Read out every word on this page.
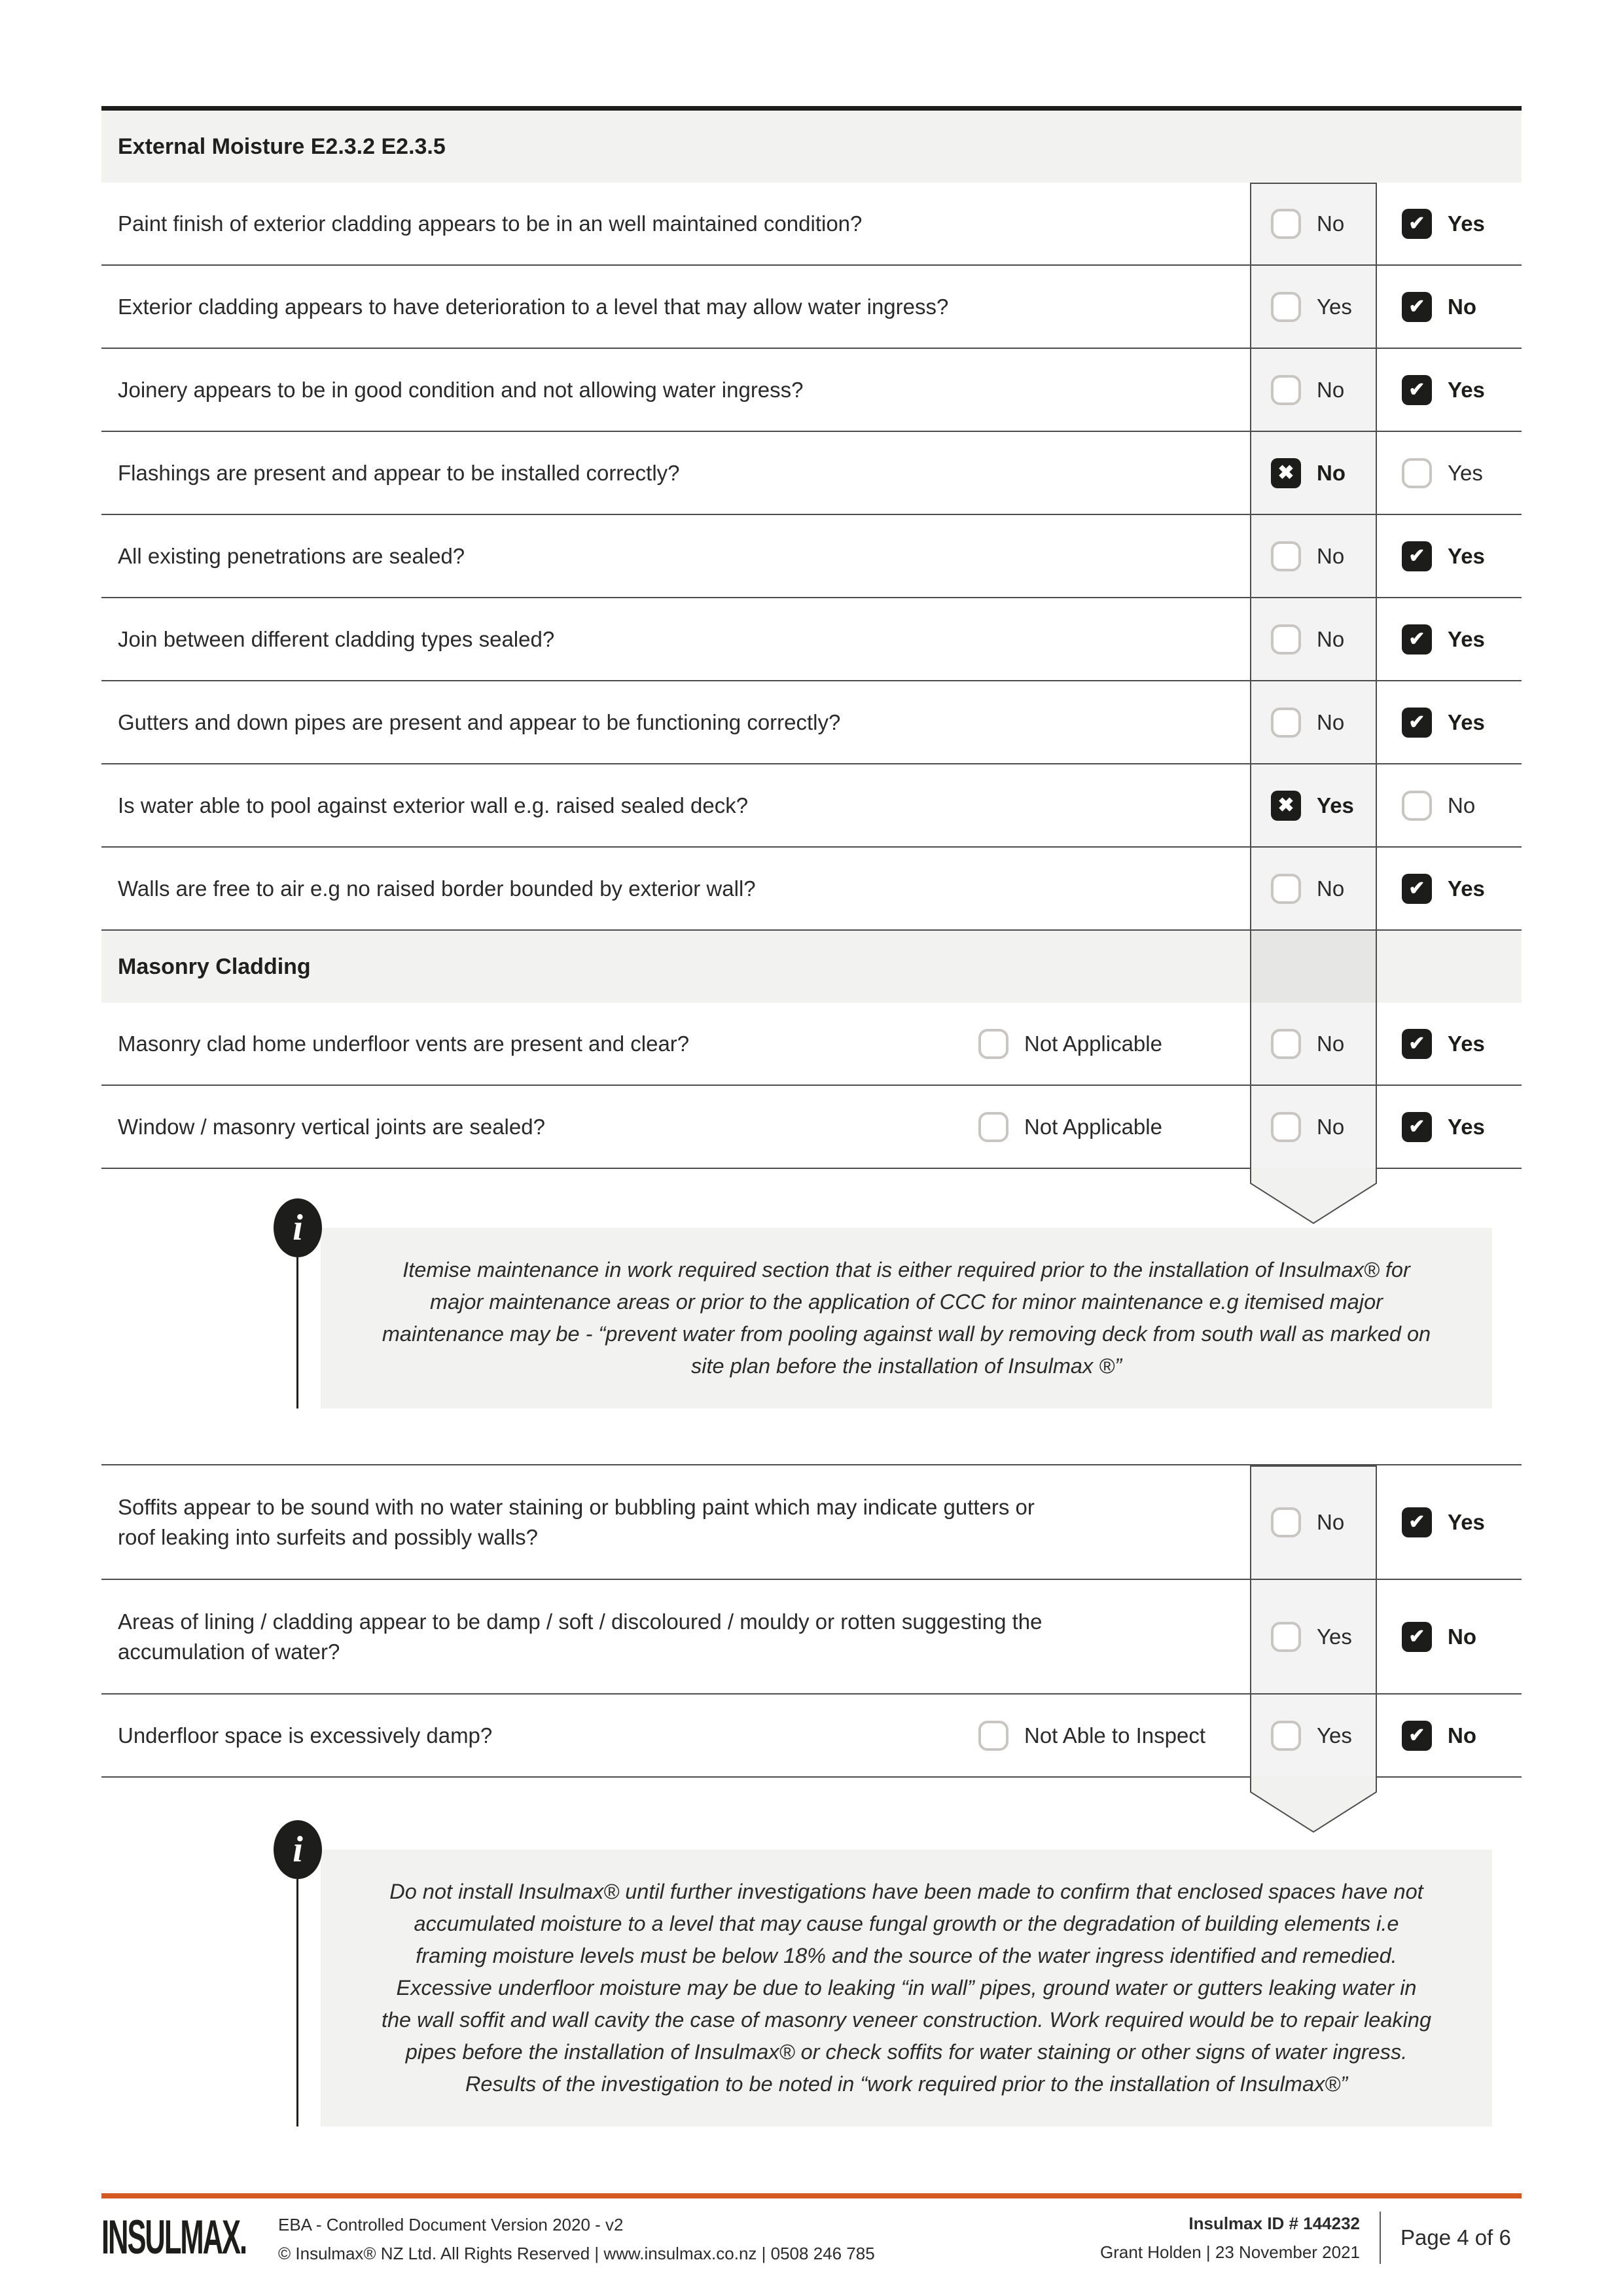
External Moisture E2.3.2 E2.3.5
Paint finish of exterior cladding appears to be in an well maintained condition?	No	✔	Yes
Exterior cladding appears to have deterioration to a level that may allow water ingress?	Yes	✔	No
Joinery appears to be in good condition and not allowing water ingress?	No	✔	Yes
Flashings are present and appear to be installed correctly?	✖	No	Yes
All existing penetrations are sealed?	No	✔	Yes
Join between different cladding types sealed?	No	✔	Yes
Gutters and down pipes are present and appear to be functioning correctly?	No	✔	Yes
Is water able to pool against exterior wall e.g. raised sealed deck?	✖	Yes	No
Walls are free to air e.g no raised border bounded by exterior wall?	No	✔	Yes
Masonry Cladding
Masonry clad home underfloor vents are present and clear?	Not Applicable	No	✔	Yes
Window / masonry vertical joints are sealed?	Not Applicable	No	✔	Yes
i
Itemise maintenance in work required section that is either required prior to the installation of Insulmax® for major maintenance areas or prior to the application of CCC for minor maintenance e.g itemised major maintenance may be - “prevent water from pooling against wall by removing deck from south wall as marked on site plan before the installation of Insulmax ®”
Soffits appear to be sound with no water staining or bubbling paint which may indicate gutters or roof leaking into surfeits and possibly walls?
No	✔	Yes
Areas of lining / cladding appear to be damp / soft / discoloured / mouldy or rotten suggesting the accumulation of water?
Yes	✔	No
Underfloor space is excessively damp?	Not Able to Inspect	Yes	✔	No
i
Do not install Insulmax® until further investigations have been made to confirm that enclosed spaces have not accumulated moisture to a level that may cause fungal growth or the degradation of building elements i.e framing moisture levels must be below 18% and the source of the water ingress identified and remedied. Excessive underfloor moisture may be due to leaking “in wall” pipes, ground water or gutters leaking water in the wall soffit and wall cavity the case of masonry veneer construction. Work required would be to repair leaking pipes before the installation of Insulmax® or check soffits for water staining or other signs of water ingress. Results of the investigation to be noted in “work required prior to the installation of Insulmax®”
INSULMAX.	EBA - Controlled Document Version 2020 - v2
© Insulmax® NZ Ltd. All Rights Reserved | www.insulmax.co.nz | 0508 246 785
Insulmax ID # 144232
Grant Holden | 23 November 2021
Page 4 of 6
